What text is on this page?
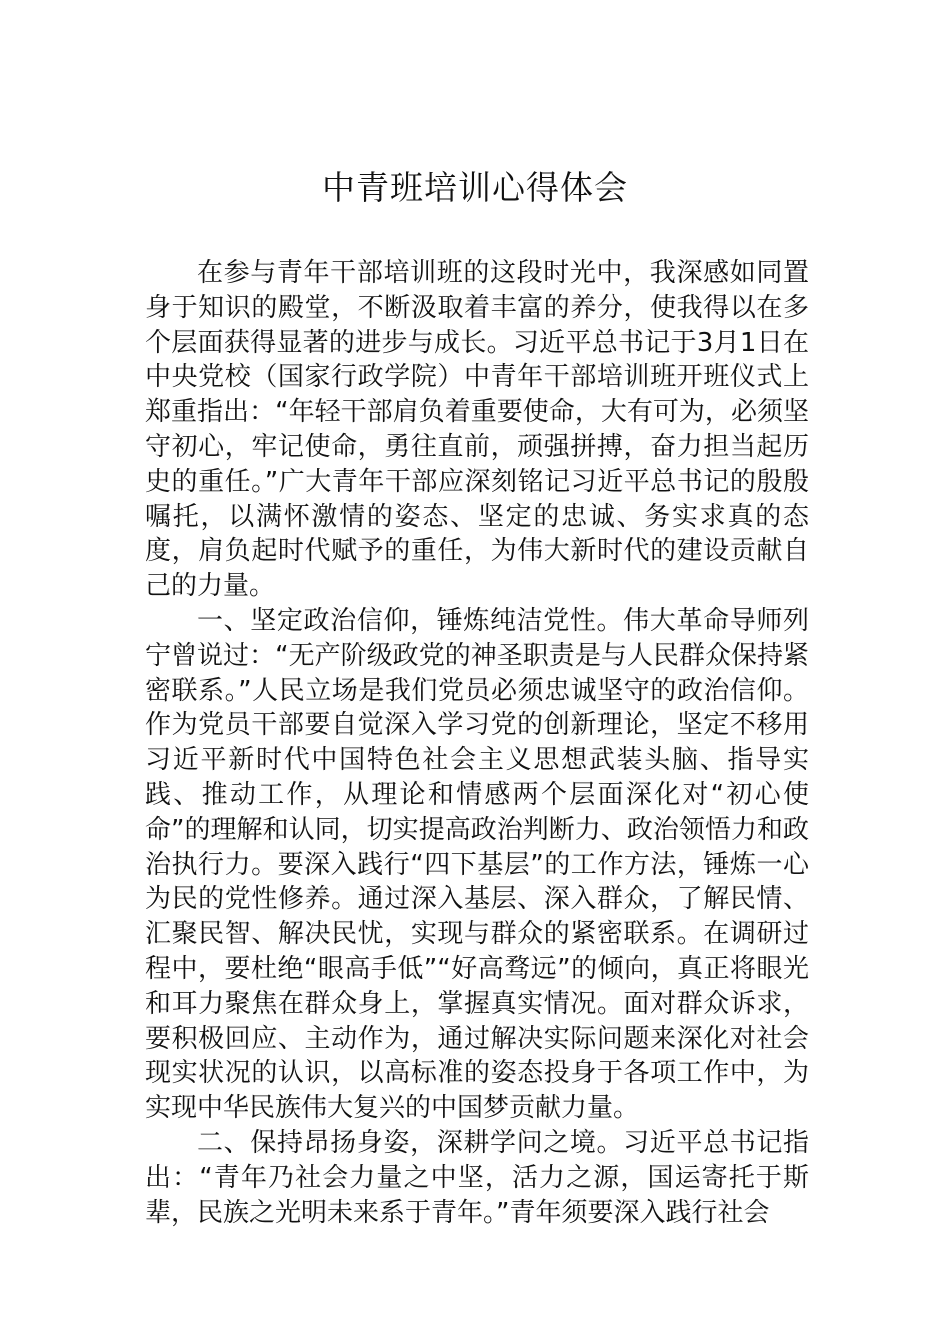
中青班培训心得体会

在参与青年干部培训班的这段时光中，我深感如同置身于知识的殿堂，不断汲取着丰富的养分，使我得以在多个层面获得显著的进步与成长。习近平总书记于3月1日在中央党校（国家行政学院）中青年干部培训班开班仪式上郑重指出：“年轻干部肩负着重要使命，大有可为，必须坚守初心，牢记使命，勇往直前，顽强拼搏，奋力担当起历史的重任。”广大青年干部应深刻铭记习近平总书记的殷殷嘱托，以满怀激情的姿态、坚定的忠诚、务实求真的态度，肩负起时代赋予的重任，为伟大新时代的建设贡献自己的力量。

一、坚定政治信仰，锤炼纯洁党性。伟大革命导师列宁曾说过：“无产阶级政党的神圣职责是与人民群众保持紧密联系。”人民立场是我们党员必须忠诚坚守的政治信仰。作为党员干部要自觉深入学习党的创新理论，坚定不移用习近平新时代中国特色社会主义思想武装头脑、指导实践、推动工作，从理论和情感两个层面深化对“初心使命”的理解和认同，切实提高政治判断力、政治领悟力和政治执行力。要深入践行“四下基层”的工作方法，锤炼一心为民的党性修养。通过深入基层、深入群众，了解民情、汇聚民智、解决民忧，实现与群众的紧密联系。在调研过程中，要杜绝“眼高手低”“好高骛远”的倾向，真正将眼光和耳力聚焦在群众身上，掌握真实情况。面对群众诉求，要积极回应、主动作为，通过解决实际问题来深化对社会现实状况的认识，以高标准的姿态投身于各项工作中，为实现中华民族伟大复兴的中国梦贡献力量。

二、保持昂扬身姿，深耕学问之境。习近平总书记指出：“青年乃社会力量之中坚，活力之源，国运寄托于斯辈，民族之光明未来系于青年。”青年须要深入践行社会
